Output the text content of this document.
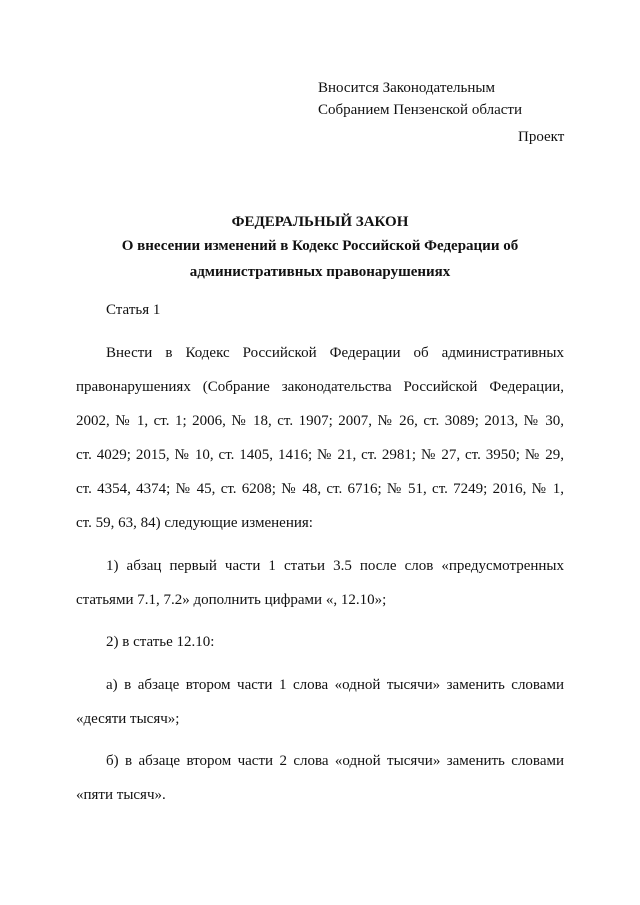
Вносится Законодательным
Собранием Пензенской области
Проект
ФЕДЕРАЛЬНЫЙ ЗАКОН
О внесении изменений в Кодекс Российской Федерации об
административных правонарушениях
Статья 1
Внести в Кодекс Российской Федерации об административных
правонарушениях (Собрание законодательства Российской Федерации,
2002, № 1, ст. 1; 2006, № 18, ст. 1907; 2007, № 26, ст. 3089; 2013, № 30,
ст. 4029; 2015, № 10, ст. 1405, 1416; № 21, ст. 2981; № 27, ст. 3950; № 29,
ст. 4354, 4374; № 45, ст. 6208; № 48, ст. 6716; № 51, ст. 7249; 2016, № 1,
ст. 59, 63, 84) следующие изменения:
1) абзац первый части 1 статьи 3.5 после слов «предусмотренных
статьями 7.1, 7.2» дополнить цифрами «, 12.10»;
2) в статье 12.10:
а) в абзаце втором части 1 слова «одной тысячи» заменить словами
«десяти тысяч»;
б) в абзаце втором части 2 слова «одной тысячи» заменить словами
«пяти тысяч».
